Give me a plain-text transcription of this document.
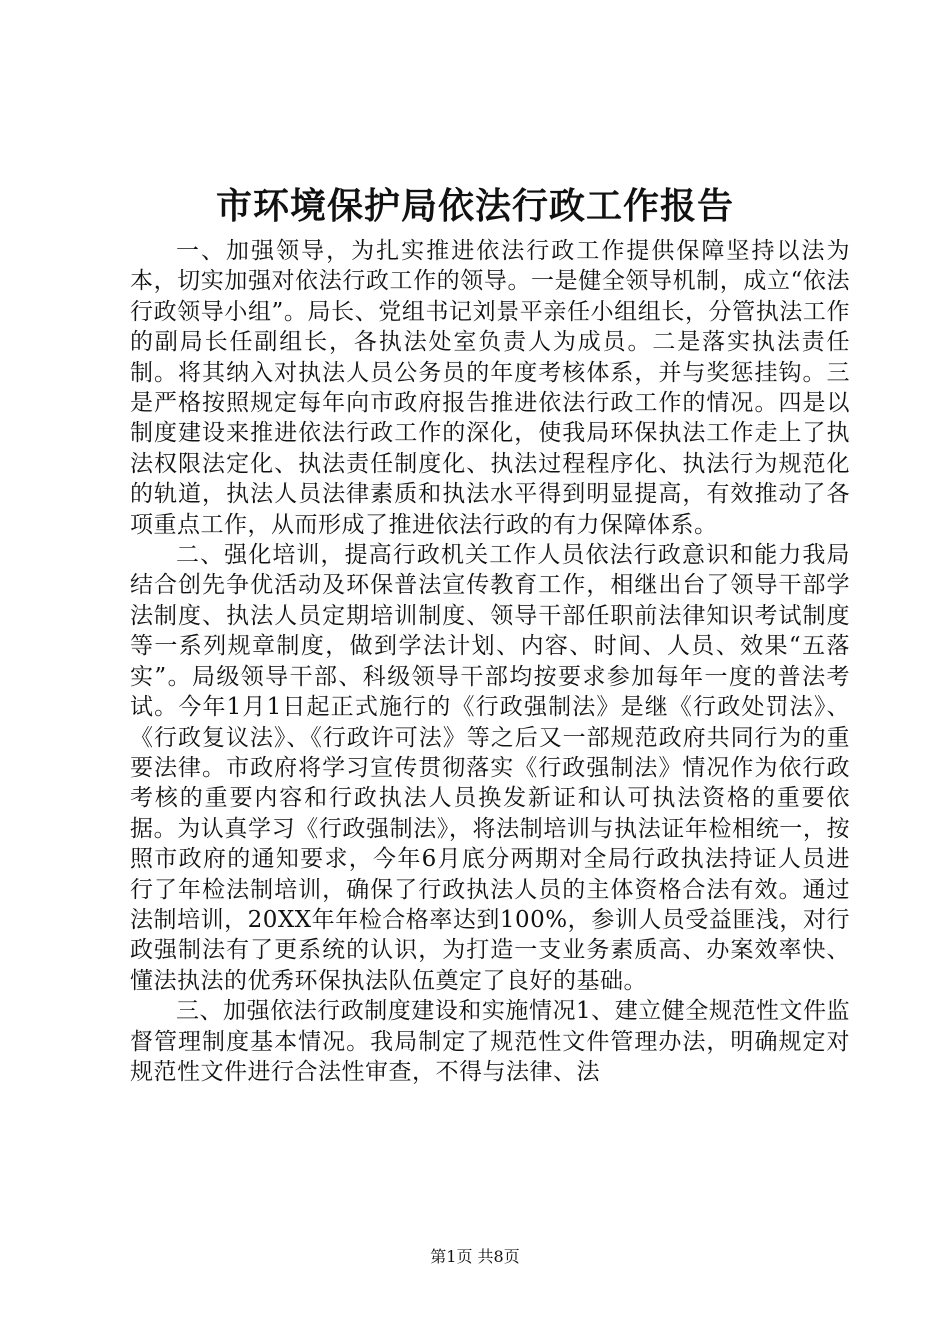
市环境保护局依法行政工作报告

一、加强领导，为扎实推进依法行政工作提供保障坚持以法为本，切实加强对依法行政工作的领导。一是健全领导机制，成立“依法行政领导小组”。局长、党组书记刘景平亲任小组组长，分管执法工作的副局长任副组长，各执法处室负责人为成员。二是落实执法责任制。将其纳入对执法人员公务员的年度考核体系，并与奖惩挂钩。三是严格按照规定每年向市政府报告推进依法行政工作的情况。四是以制度建设来推进依法行政工作的深化，使我局环保执法工作走上了执法权限法定化、执法责任制度化、执法过程程序化、执法行为规范化的轨道，执法人员法律素质和执法水平得到明显提高，有效推动了各项重点工作，从而形成了推进依法行政的有力保障体系。

二、强化培训，提高行政机关工作人员依法行政意识和能力我局结合创先争优活动及环保普法宣传教育工作，相继出台了领导干部学法制度、执法人员定期培训制度、领导干部任职前法律知识考试制度等一系列规章制度，做到学法计划、内容、时间、人员、效果“五落实”。局级领导干部、科级领导干部均按要求参加每年一度的普法考试。今年1月1日起正式施行的《行政强制法》是继《行政处罚法》、《行政复议法》、《行政许可法》等之后又一部规范政府共同行为的重要法律。市政府将学习宣传贯彻落实《行政强制法》情况作为依行政考核的重要内容和行政执法人员换发新证和认可执法资格的重要依据。为认真学习《行政强制法》，将法制培训与执法证年检相统一，按照市政府的通知要求，今年6月底分两期对全局行政执法持证人员进行了年检法制培训，确保了行政执法人员的主体资格合法有效。通过法制培训，20XX年年检合格率达到100%，参训人员受益匪浅，对行政强制法有了更系统的认识，为打造一支业务素质高、办案效率快、懂法执法的优秀环保执法队伍奠定了良好的基础。

三、加强依法行政制度建设和实施情况1、建立健全规范性文件监督管理制度基本情况。我局制定了规范性文件管理办法，明确规定对规范性文件进行合法性审查，不得与法律、法

第1页 共8页
